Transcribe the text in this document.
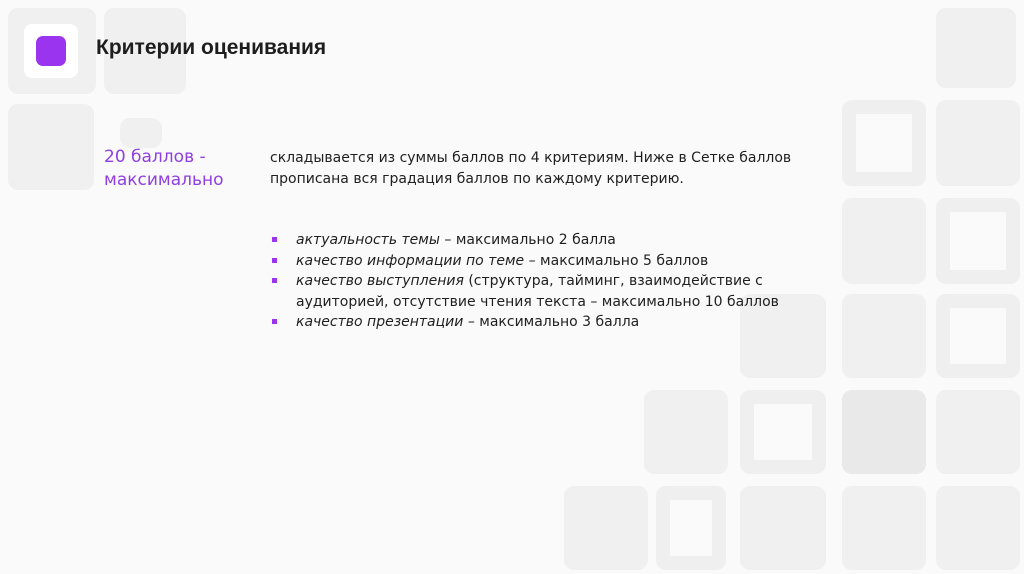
Критерии оценивания
20 баллов - максимально
складывается из суммы баллов по 4 критериям. Ниже в Сетке баллов прописана вся градация баллов по каждому критерию.
актуальность темы – максимально 2 балла
качество информации по теме – максимально 5 баллов
качество выступления (структура, тайминг, взаимодействие с аудиторией, отсутствие чтения текста – максимально 10 баллов
качество презентации – максимально 3 балла
